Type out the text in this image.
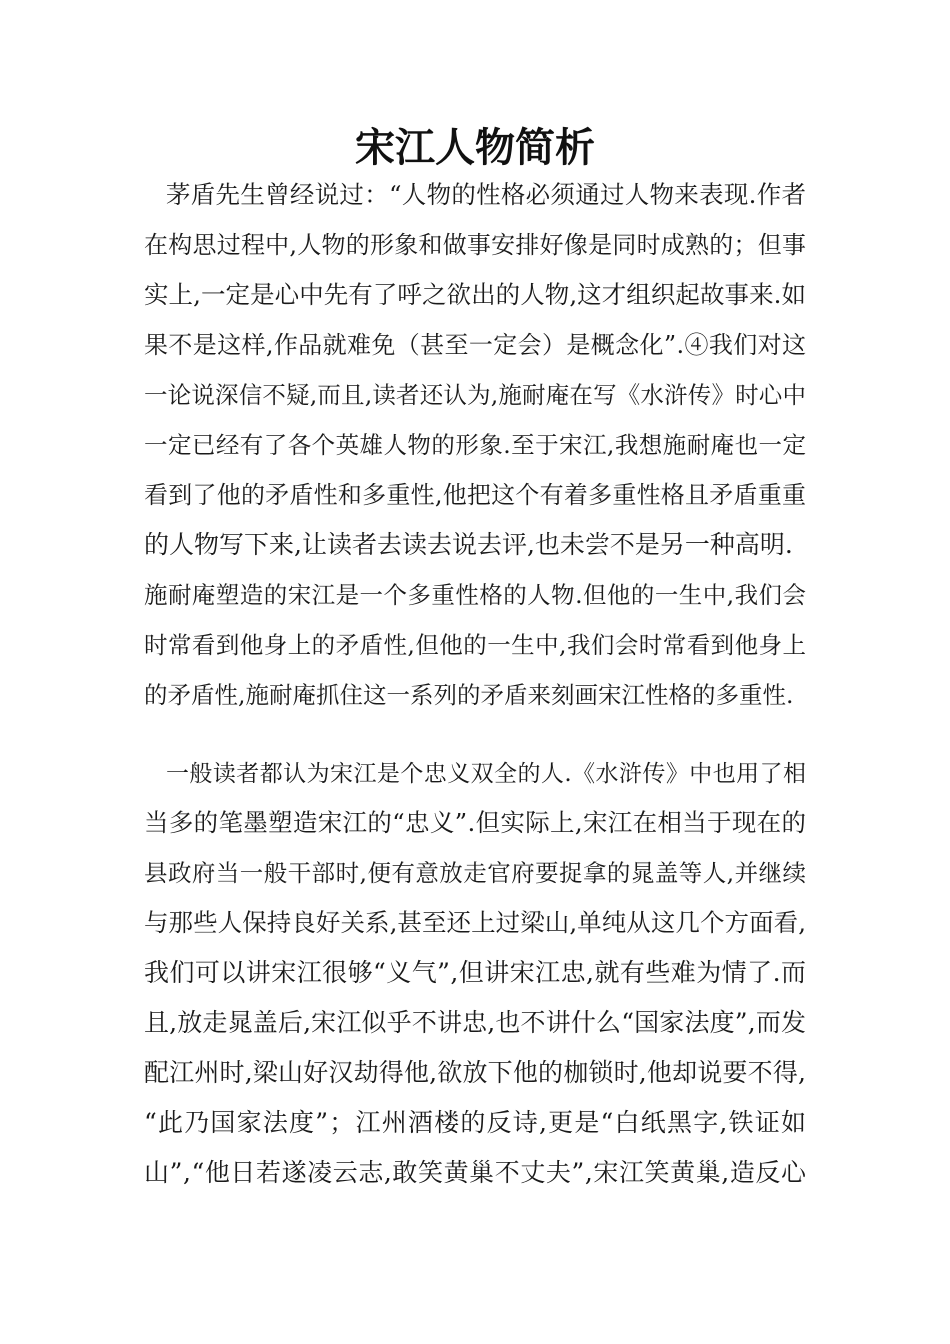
宋江人物简析

茅盾先生曾经说过：“人物的性格必须通过人物来表现.作者

在构思过程中,人物的形象和做事安排好像是同时成熟的；但事

实上,一定是心中先有了呼之欲出的人物,这才组织起故事来.如

果不是这样,作品就难免（甚至一定会）是概念化”.④我们对这

一论说深信不疑,而且,读者还认为,施耐庵在写《水浒传》时心中

一定已经有了各个英雄人物的形象.至于宋江,我想施耐庵也一定

看到了他的矛盾性和多重性,他把这个有着多重性格且矛盾重重

的人物写下来,让读者去读去说去评,也未尝不是另一种高明.

施耐庵塑造的宋江是一个多重性格的人物.但他的一生中,我们会

时常看到他身上的矛盾性,但他的一生中,我们会时常看到他身上

的矛盾性,施耐庵抓住这一系列的矛盾来刻画宋江性格的多重性.

一般读者都认为宋江是个忠义双全的人.《水浒传》中也用了相

当多的笔墨塑造宋江的“忠义”.但实际上,宋江在相当于现在的

县政府当一般干部时,便有意放走官府要捉拿的晁盖等人,并继续

与那些人保持良好关系,甚至还上过梁山,单纯从这几个方面看,

我们可以讲宋江很够“义气”,但讲宋江忠,就有些难为情了.而

且,放走晁盖后,宋江似乎不讲忠,也不讲什么“国家法度”,而发

配江州时,梁山好汉劫得他,欲放下他的枷锁时,他却说要不得,

“此乃国家法度”；江州酒楼的反诗,更是“白纸黑字,铁证如

山”,“他日若遂凌云志,敢笑黄巢不丈夫”,宋江笑黄巢,造反心
